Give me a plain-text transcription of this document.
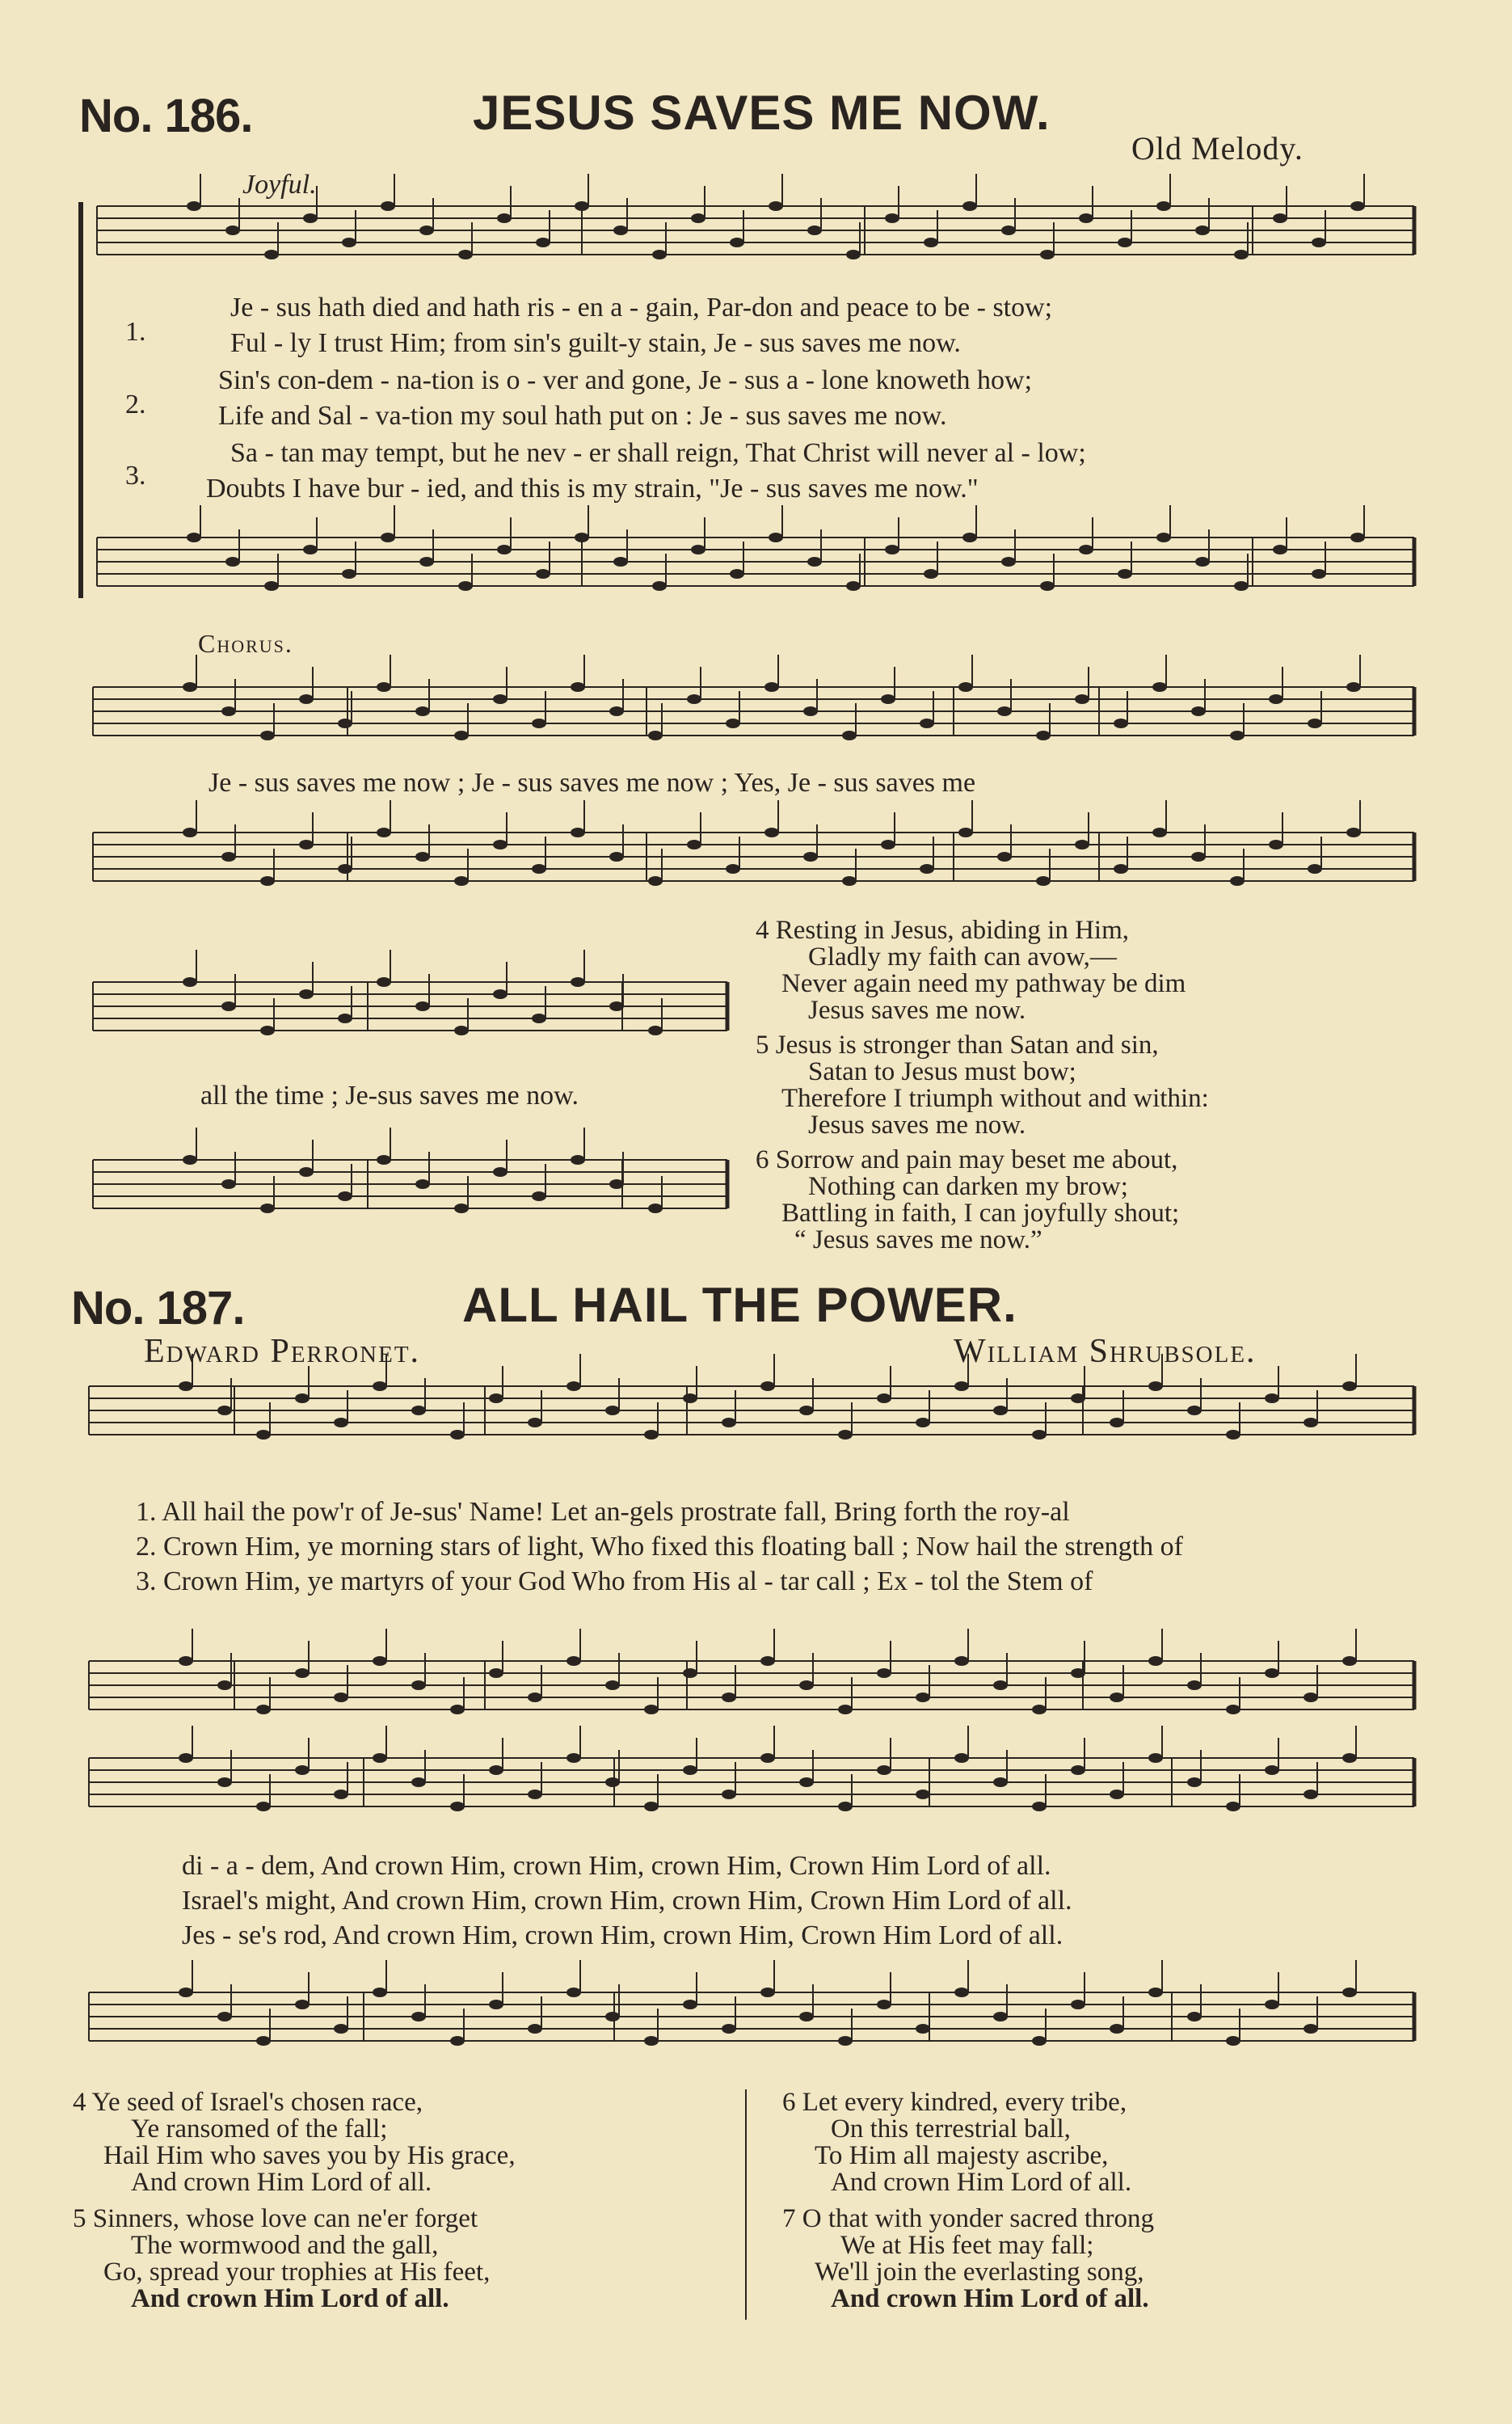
No. 186.	JESUS SAVES ME NOW.
Old Melody.
Joyful.
1.
Je - sus hath died and hath ris - en a - gain, Par-don and peace to be - stow;
Ful - ly I trust Him; from sin's guilt-y stain, Je - sus saves me now.
2.
Sin's con-dem - na-tion is o - ver and gone, Je - sus a - lone knoweth how;
Life and Sal - va-tion my soul hath put on : Je - sus saves me now.
3.
Sa - tan may tempt, but he nev - er shall reign, That Christ will never al - low;
Doubts I have bur - ied, and this is my strain, "Je - sus saves me now."
Chorus.
Je - sus saves me now ; Je - sus saves me now ; Yes, Je - sus saves me
all the time ; Je-sus saves me now.
4 Resting in Jesus, abiding in Him,
Gladly my faith can avow,—
Never again need my pathway be dim
Jesus saves me now.
5 Jesus is stronger than Satan and sin,
Satan to Jesus must bow;
Therefore I triumph without and within:
Jesus saves me now.
6 Sorrow and pain may beset me about,
Nothing can darken my brow;
Battling in faith, I can joyfully shout;
“ Jesus saves me now.”
No. 187.	ALL HAIL THE POWER.
Edward Perronet.	William Shrubsole.
1. All hail the pow'r of Je-sus' Name! Let an-gels prostrate fall, Bring forth the roy-al
2. Crown Him, ye morning stars of light, Who fixed this floating ball ; Now hail the strength of
3. Crown Him, ye martyrs of your God Who from His al - tar call ; Ex - tol the Stem of
di - a - dem, And crown Him, crown Him, crown Him, Crown Him Lord of all.
Israel's might, And crown Him, crown Him, crown Him, Crown Him Lord of all.
Jes - se's rod, And crown Him, crown Him, crown Him, Crown Him Lord of all.
4 Ye seed of Israel's chosen race,
Ye ransomed of the fall;
Hail Him who saves you by His grace,
And crown Him Lord of all.
5 Sinners, whose love can ne'er forget
The wormwood and the gall,
Go, spread your trophies at His feet,
And crown Him Lord of all.
6 Let every kindred, every tribe,
On this terrestrial ball,
To Him all majesty ascribe,
And crown Him Lord of all.
7 O that with yonder sacred throng
We at His feet may fall;
We'll join the everlasting song,
And crown Him Lord of all.
